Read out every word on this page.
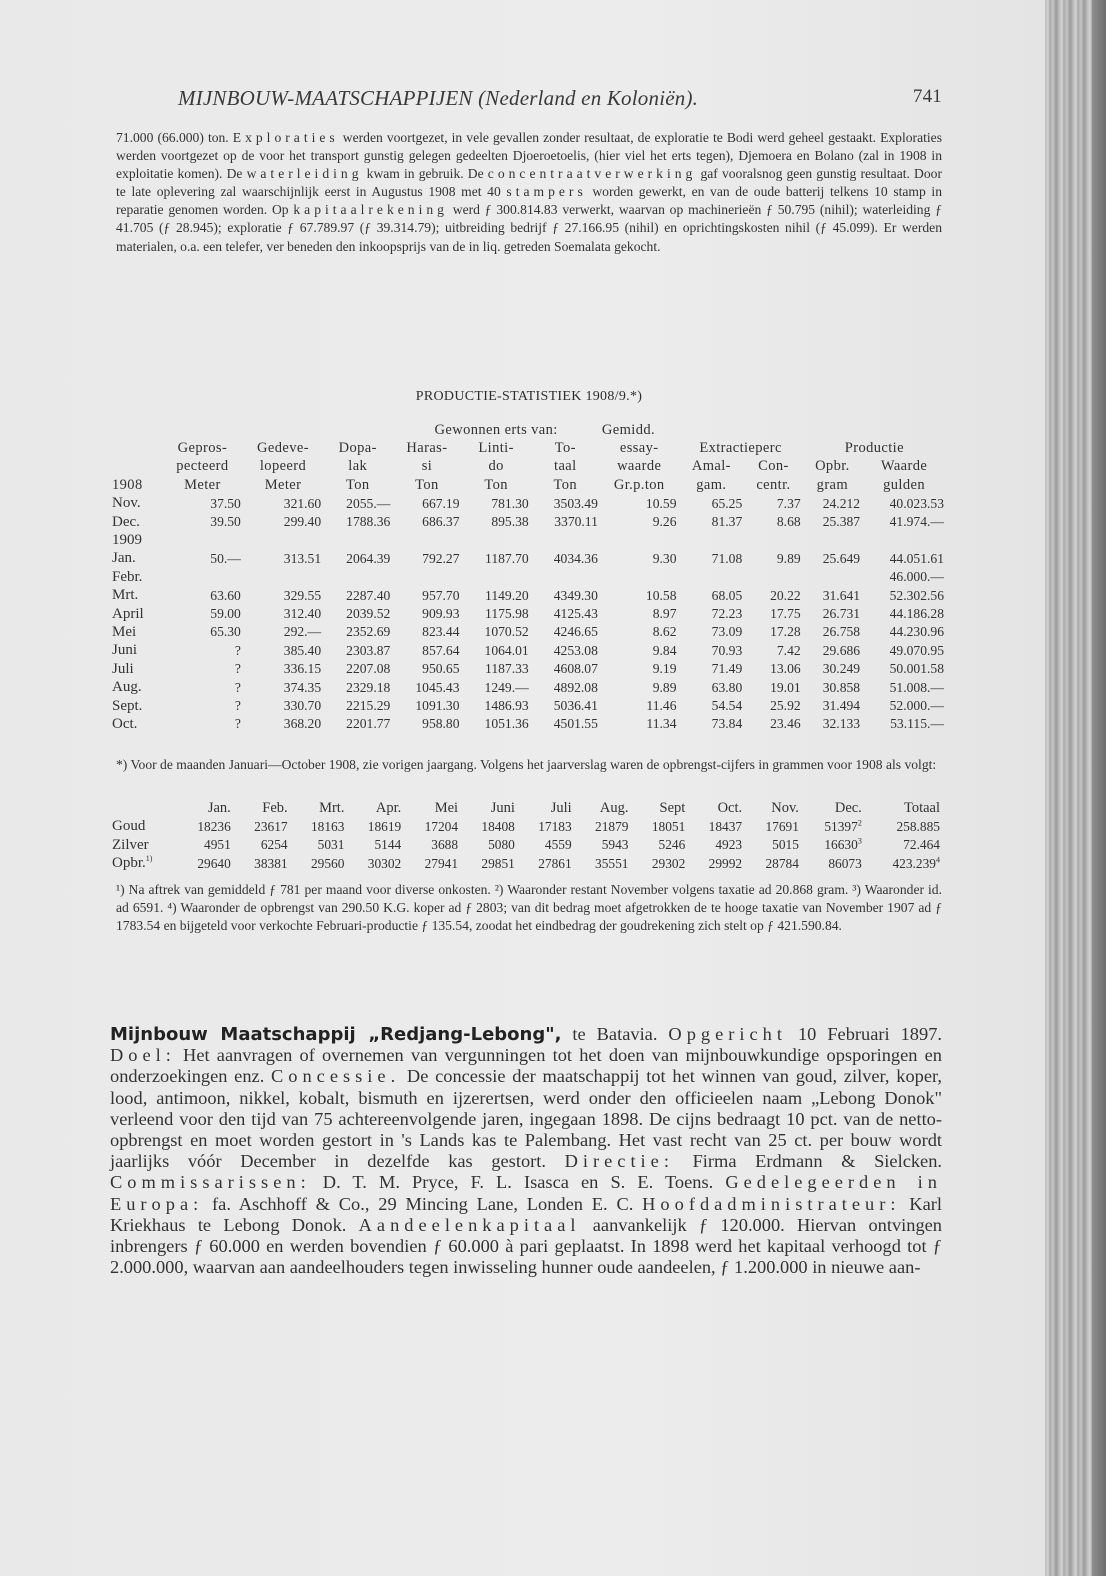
MIJNBOUW-MAATSCHAPPIJEN (Nederland en Koloniën).	741
71.000 (66.000) ton. Exploraties werden voortgezet, in vele gevallen zonder resultaat, de exploratie te Bodi werd geheel gestaakt. Exploraties werden voortgezet op de voor het transport gunstig gelegen gedeelten Djoeroetoelis, (hier viel het erts tegen), Djemoera en Bolano (zal in 1908 in exploitatie komen). De waterleiding kwam in gebruik. De concentraatverwerking gaf vooralsnog geen gunstig resultaat. Door te late oplevering zal waarschijnlijk eerst in Augustus 1908 met 40 stampers worden gewerkt, en van de oude batterij telkens 10 stamp in reparatie genomen worden. Op kapitaalrekening werd ƒ 300.814.83 verwerkt, waarvan op machinerieën ƒ 50.795 (nihil); waterleiding ƒ 41.705 (ƒ 28.945); exploratie ƒ 67.789.97 (ƒ 39.314.79); uitbreiding bedrijf ƒ 27.166.95 (nihil) en oprichtingskosten nihil (ƒ 45.099). Er werden materialen, o.a. een telefer, ver beneden den inkoopsprijs van de in liq. getreden Soemalata gekocht.
PRODUCTIE-STATISTIEK 1908/9.*)
				Gewonnen erts van:			Gemidd.				
	Gepros-	Gedeve-	Dopa-	Haras-	Linti-	To-	essay-	Extractieperc		Productie	
	pecteerd	lopeerd	lak	si	do	taal	waarde	Amal-	Con-	Opbr.	Waarde
1908	Meter	Meter	Ton	Ton	Ton	Ton	Gr.p.ton	gam.	centr.	gram	gulden
Nov.	37.50	321.60	2055.—	667.19	781.30	3503.49	10.59	65.25	7.37	24.212	40.023.53
Dec.	39.50	299.40	1788.36	686.37	895.38	3370.11	9.26	81.37	8.68	25.387	41.974.—
1909											
Jan.	50.—	313.51	2064.39	792.27	1187.70	4034.36	9.30	71.08	9.89	25.649	44.051.61
Febr.											46.000.—
Mrt.	63.60	329.55	2287.40	957.70	1149.20	4349.30	10.58	68.05	20.22	31.641	52.302.56
April	59.00	312.40	2039.52	909.93	1175.98	4125.43	8.97	72.23	17.75	26.731	44.186.28
Mei	65.30	292.—	2352.69	823.44	1070.52	4246.65	8.62	73.09	17.28	26.758	44.230.96
Juni	?	385.40	2303.87	857.64	1064.01	4253.08	9.84	70.93	7.42	29.686	49.070.95
Juli	?	336.15	2207.08	950.65	1187.33	4608.07	9.19	71.49	13.06	30.249	50.001.58
Aug.	?	374.35	2329.18	1045.43	1249.—	4892.08	9.89	63.80	19.01	30.858	51.008.—
Sept.	?	330.70	2215.29	1091.30	1486.93	5036.41	11.46	54.54	25.92	31.494	52.000.—
Oct.	?	368.20	2201.77	958.80	1051.36	4501.55	11.34	73.84	23.46	32.133	53.115.—
*) Voor de maanden Januari—October 1908, zie vorigen jaargang. Volgens het jaarverslag waren de opbrengst-cijfers in grammen voor 1908 als volgt:
	Jan.	Feb.	Mrt.	Apr.	Mei	Juni	Juli	Aug.	Sept	Oct.	Nov.	Dec.	Totaal
Goud	18236	23617	18163	18619	17204	18408	17183	21879	18051	18437	17691	51397$^2$	258.885
Zilver	4951	6254	5031	5144	3688	5080	4559	5943	5246	4923	5015	16630$^3$	72.464
Opbr.$^{1)}$	29640	38381	29560	30302	27941	29851	27861	35551	29302	29992	28784	86073	423.239$^4$
¹) Na aftrek van gemiddeld ƒ 781 per maand voor diverse onkosten. ²) Waaronder restant November volgens taxatie ad 20.868 gram. ³) Waaronder id. ad 6591. ⁴) Waaronder de opbrengst van 290.50 K.G. koper ad ƒ 2803; van dit bedrag moet afgetrokken de te hooge taxatie van November 1907 ad ƒ 1783.54 en bijgeteld voor verkochte Februari-productie ƒ 135.54, zoodat het eindbedrag der goudrekening zich stelt op ƒ 421.590.84.

Mijnbouw Maatschappij „Redjang-Lebong", te Batavia. Opgericht 10 Februari 1897. Doel: Het aanvragen of overnemen van vergunningen tot het doen van mijnbouwkundige opsporingen en onderzoekingen enz. Concessie. De concessie der maatschappij tot het winnen van goud, zilver, koper, lood, antimoon, nikkel, kobalt, bismuth en ijzerertsen, werd onder den officieelen naam „Lebong Donok" verleend voor den tijd van 75 achtereenvolgende jaren, ingegaan 1898. De cijns bedraagt 10 pct. van de netto-opbrengst en moet worden gestort in 's Lands kas te Palembang. Het vast recht van 25 ct. per bouw wordt jaarlijks vóór December in dezelfde kas gestort. Directie: Firma Erdmann & Sielcken. Commissarissen: D. T. M. Pryce, F. L. Isasca en S. E. Toens. Gedelegeerden in Europa: fa. Aschhoff & Co., 29 Mincing Lane, Londen E. C. Hoofdadministrateur: Karl Kriekhaus te Lebong Donok. Aandeelenkapitaal aanvankelijk ƒ 120.000. Hiervan ontvingen inbrengers ƒ 60.000 en werden bovendien ƒ 60.000 à pari geplaatst. In 1898 werd het kapitaal verhoogd tot ƒ 2.000.000, waarvan aan aandeelhouders tegen inwisseling hunner oude aandeelen, ƒ 1.200.000 in nieuwe aan-
